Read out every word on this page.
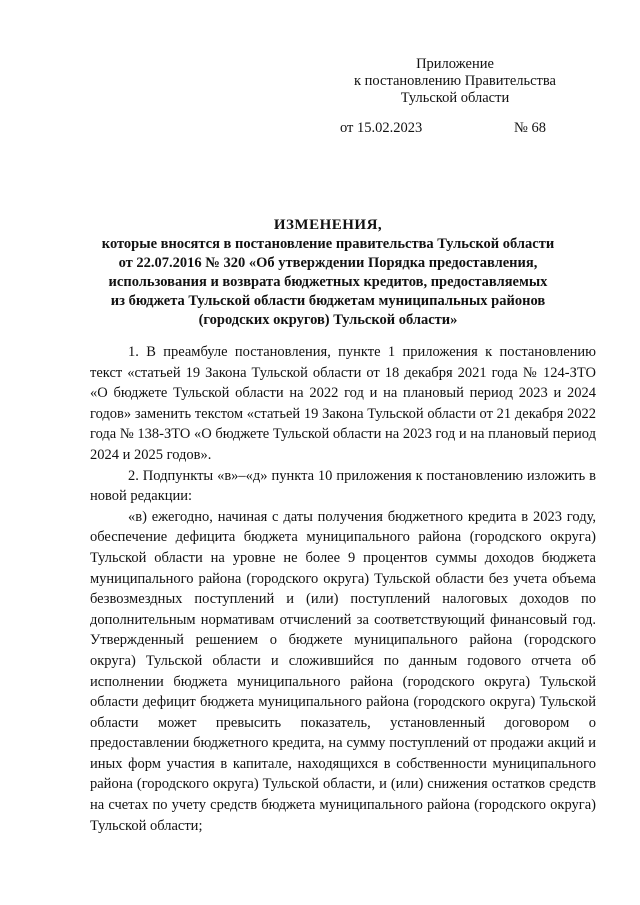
Приложение
к постановлению Правительства
Тульской области
от 15.02.2023	№ 68
ИЗМЕНЕНИЯ,
которые вносятся в постановление правительства Тульской области
от 22.07.2016 № 320 «Об утверждении Порядка предоставления,
использования и возврата бюджетных кредитов, предоставляемых
из бюджета Тульской области бюджетам муниципальных районов
(городских округов) Тульской области»

1. В преамбуле постановления, пункте 1 приложения к постановлению текст «статьей 19 Закона Тульской области от 18 декабря 2021 года № 124-ЗТО «О бюджете Тульской области на 2022 год и на плановый период 2023 и 2024 годов» заменить текстом «статьей 19 Закона Тульской области от 21 декабря 2022 года № 138-ЗТО «О бюджете Тульской области на 2023 год и на плановый период 2024 и 2025 годов».

2. Подпункты «в»–«д» пункта 10 приложения к постановлению изложить в новой редакции:

«в) ежегодно, начиная с даты получения бюджетного кредита в 2023 году, обеспечение дефицита бюджета муниципального района (городского округа) Тульской области на уровне не более 9 процентов суммы доходов бюджета муниципального района (городского округа) Тульской области без учета объема безвозмездных поступлений и (или) поступлений налоговых доходов по дополнительным нормативам отчислений за соответствующий финансовый год. Утвержденный решением о бюджете муниципального района (городского округа) Тульской области и сложившийся по данным годового отчета об исполнении бюджета муниципального района (городского округа) Тульской области дефицит бюджета муниципального района (городского округа) Тульской области может превысить показатель, установленный договором о предоставлении бюджетного кредита, на сумму поступлений от продажи акций и иных форм участия в капитале, находящихся в собственности муниципального района (городского округа) Тульской области, и (или) снижения остатков средств на счетах по учету средств бюджета муниципального района (городского округа) Тульской области;
